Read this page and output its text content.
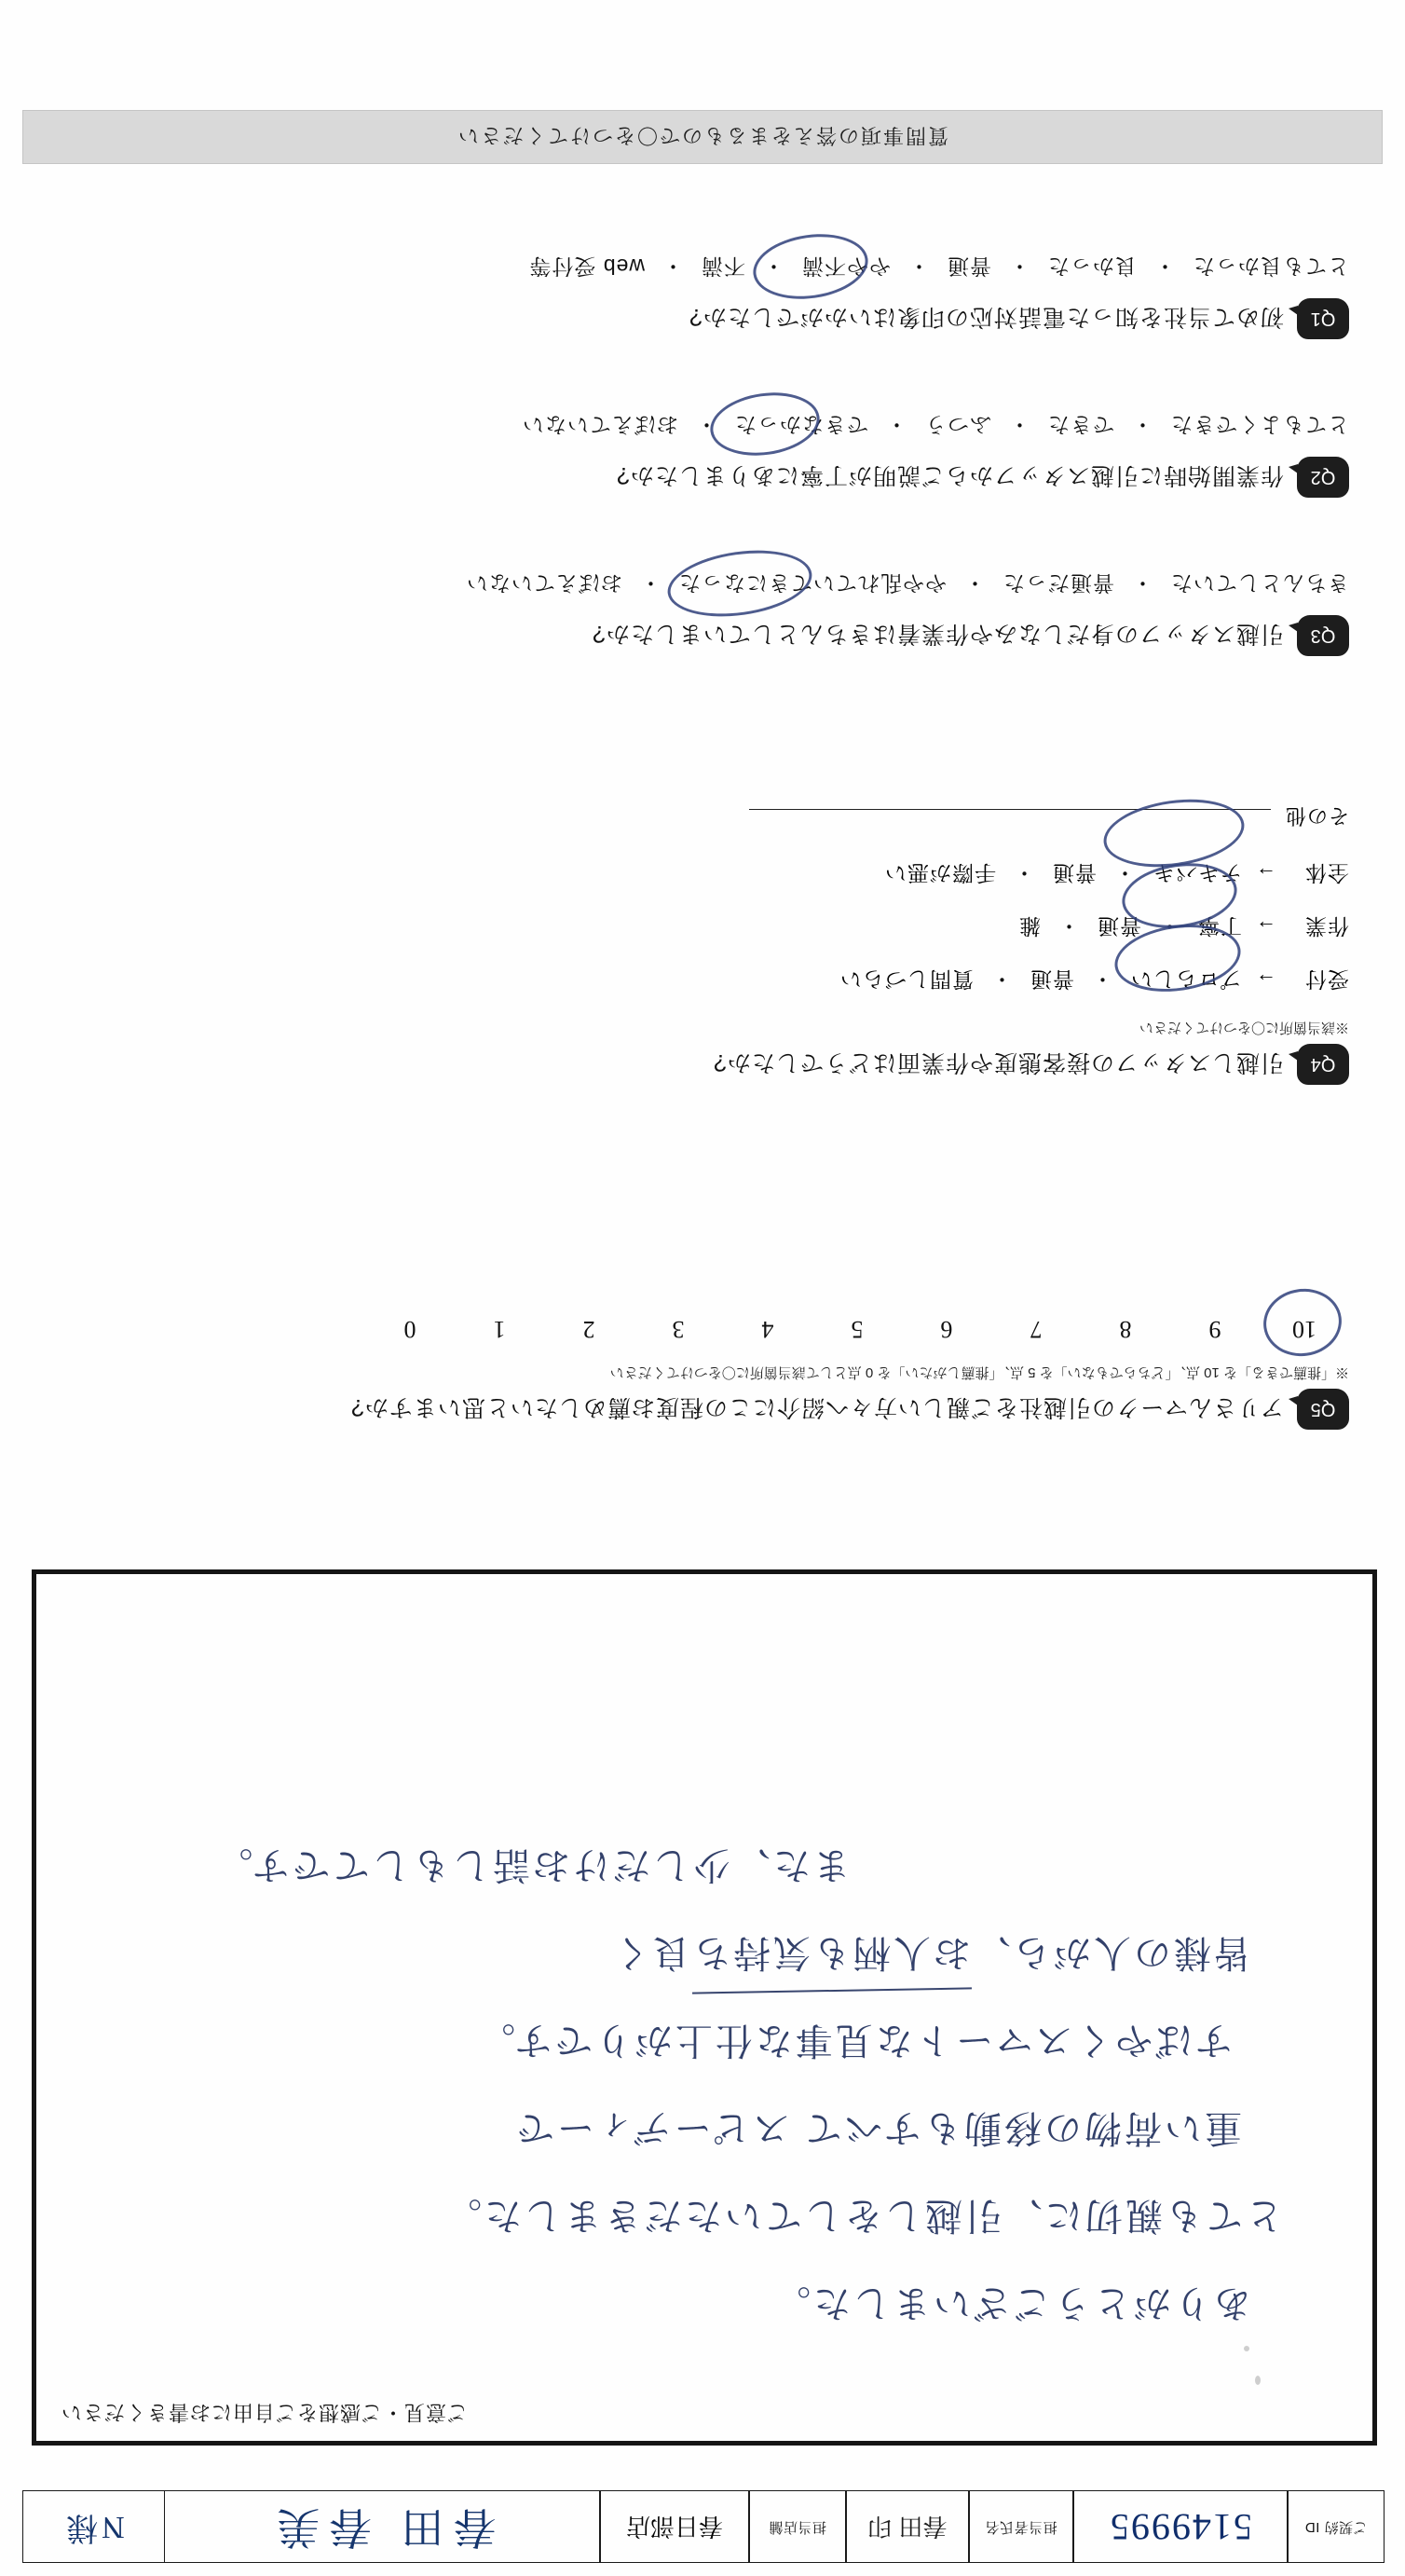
ご契約 ID
5149995
担当者氏名
春田 印
担当店舗
春日部店
春田 春美
N様
ご意見・ご感想をご自由にお書きください
ありがとうございました。
とても親切に、引越しをしていただきました。
重い荷物の移動もすべて スピーディーで
すばやくスマートな見事な仕上がりです。
皆様の人がら、お人柄も気持ち良く
また、少しだけお話しもしてです。
Q5
アリさんマークの引越社をご親しい方々へ紹介にこの程度お薦めしたいと思いますか?
※「推薦できる」を 10 点、「どちらでもない」を 5 点、「推薦しがたい」を 0 点として該当箇所に〇をつけてください
10
9
8
7
6
5
4
3
2
1
0
Q4
引越しスタッフの接客態度や作業面はどうでしたか?
※該当箇所に〇をつけてください
受付
→
プロらしい
・
普通
・
質問しづらい
作業
→
丁寧
・
普通
・
雑
全体
→
テキパキ
・
普通
・
手際が悪い
その他
Q3
引越スタッフの身だしなみや作業着はきちんとしていましたか?
きちんとしていた
・
普通だった
・
やや乱れていてきになった
・
おぼえていない
Q2
作業開始時に引越スタッフからご説明が丁寧にありましたか?
とてもよくできた
・
できた
・
ふつう
・
できなかった
・
おぼえていない
Q1
初めて当社を知った電話対応の印象はいかがでしたか?
とても良かった
・
良かった
・
普通
・
やや不満
・
不満
・
web 受付等
質問事項の答えをまるもので〇をつけてください
